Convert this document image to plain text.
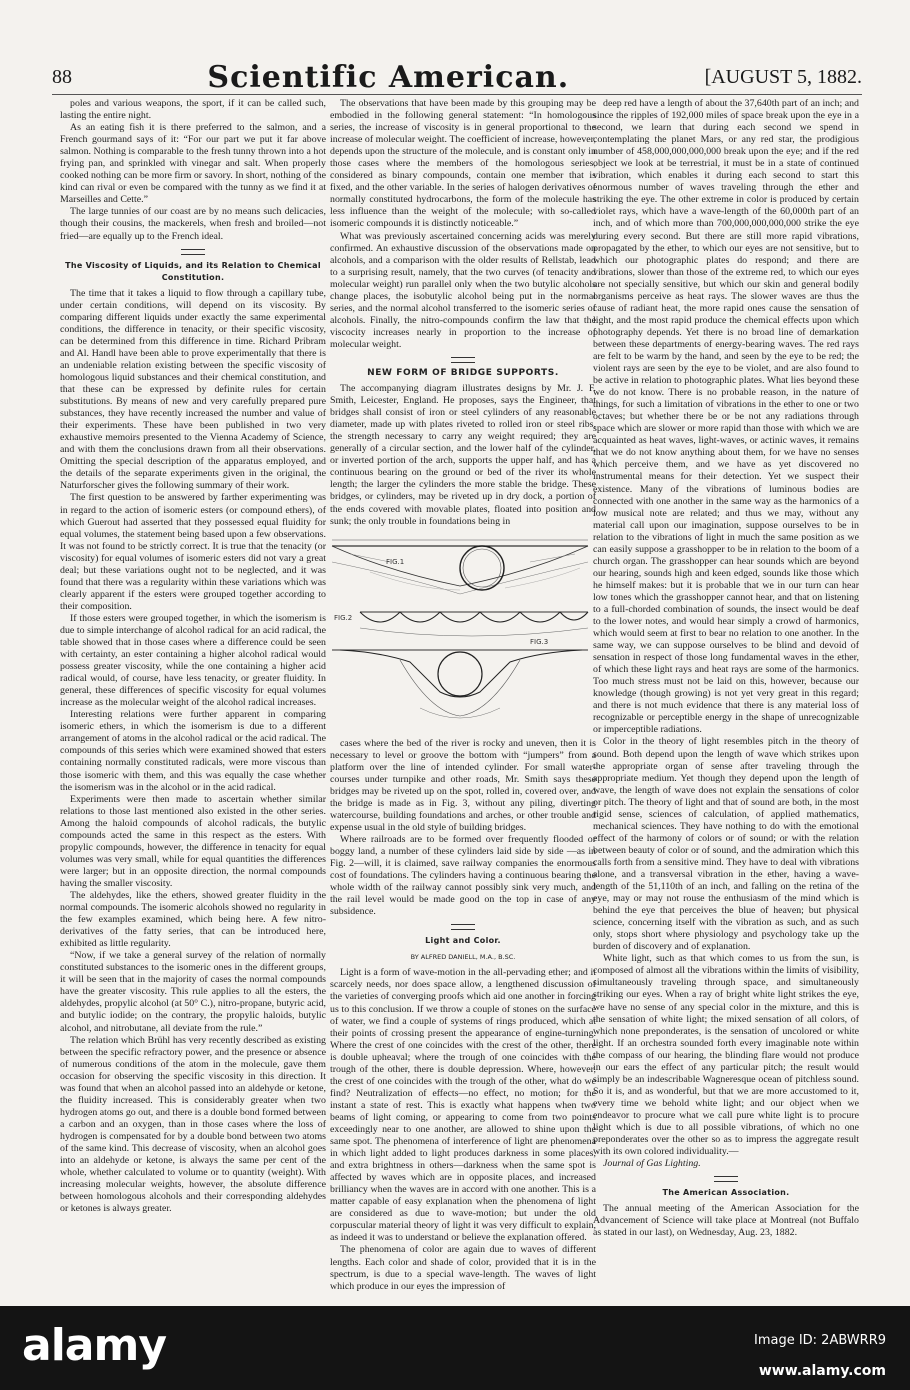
88	Scientific American.	[AUGUST 5, 1882.

poles and various weapons, the sport, if it can be called such, lasting the entire night.

As an eating fish it is there preferred to the salmon, and a French gourmand says of it: “For our part we put it far above salmon. Nothing is comparable to the fresh tunny thrown into a hot frying pan, and sprinkled with vinegar and salt. When properly cooked nothing can be more firm or savory. In short, nothing of the kind can rival or even be compared with the tunny as we find it at Marseilles and Cette.”

The large tunnies of our coast are by no means such delicacies, though their cousins, the mackerels, when fresh and broiled—not fried—are equally up to the French ideal.

The Viscosity of Liquids, and its Relation to Chemical Constitution.

The time that it takes a liquid to flow through a capillary tube, under certain conditions, will depend on its viscosity. By comparing different liquids under exactly the same experimental conditions, the difference in tenacity, or their specific viscosity, can be determined from this difference in time. Richard Pribram and Al. Handl have been able to prove experimentally that there is an undeniable relation existing between the specific viscosity of homologous liquid substances and their chemical constitution, and that these can be expressed by definite rules for certain substitutions. By means of new and very carefully prepared pure substances, they have recently increased the number and value of their experiments. These have been published in two very exhaustive memoirs presented to the Vienna Academy of Science, and with them the conclusions drawn from all their observations. Omitting the special description of the apparatus employed, and the details of the separate experiments given in the original, the Naturforscher gives the following summary of their work.

The first question to be answered by farther experimenting was in regard to the action of isomeric esters (or compound ethers), of which Guerout had asserted that they possessed equal fluidity for equal volumes, the statement being based upon a few observations. It was not found to be strictly correct. It is true that the tenacity (or viscosity) for equal volumes of isomeric esters did not vary a great deal; but these variations ought not to be neglected, and it was found that there was a regularity within these variations which was clearly apparent if the esters were grouped together according to their composition.

If those esters were grouped together, in which the isomerism is due to simple interchange of alcohol radical for an acid radical, the table showed that in those cases where a difference could be seen with certainty, an ester containing a higher alcohol radical would possess greater viscosity, while the one containing a higher acid radical would, of course, have less tenacity, or greater fluidity. In general, these differences of specific viscosity for equal volumes increase as the molecular weight of the alcohol radical increases.

Interesting relations were further apparent in comparing isomeric ethers, in which the isomerism is due to a different arrangement of atoms in the alcohol radical or the acid radical. The compounds of this series which were examined showed that esters containing normally constituted radicals, were more viscous than those isomeric with them, and this was equally the case whether the isomerism was in the alcohol or in the acid radical.

Experiments were then made to ascertain whether similar relations to those last mentioned also existed in the other series. Among the haloid compounds of alcohol radicals, the butylic compounds acted the same in this respect as the esters. With propylic compounds, however, the difference in tenacity for equal volumes was very small, while for equal quantities the differences were larger; but in an opposite direction, the normal compounds having the smaller viscosity.

The aldehydes, like the ethers, showed greater fluidity in the normal compounds. The isomeric alcohols showed no regularity in the few examples examined, which being here. A few nitro-derivatives of the fatty series, that can be introduced here, exhibited as little regularity.

“Now, if we take a general survey of the relation of normally constituted substances to the isomeric ones in the different groups, it will be seen that in the majority of cases the normal compounds have the greater viscosity. This rule applies to all the esters, the aldehydes, propylic alcohol (at 50° C.), nitro-propane, butyric acid, and butylic iodide; on the contrary, the propylic haloids, butylic alcohol, and nitrobutane, all deviate from the rule.”

The relation which Brühl has very recently described as existing between the specific refractory power, and the presence or absence of numerous conditions of the atom in the molecule, gave them occasion for observing the specific viscosity in this direction. It was found that when an alcohol passed into an aldehyde or ketone, the fluidity increased. This is considerably greater when two hydrogen atoms go out, and there is a double bond formed between a carbon and an oxygen, than in those cases where the loss of hydrogen is compensated for by a double bond between two atoms of the same kind. This decrease of viscosity, when an alcohol goes into an aldehyde or ketone, is always the same per cent of the whole, whether calculated to volume or to quantity (weight). With increasing molecular weights, however, the absolute difference between homologous alcohols and their corresponding aldehydes or ketones is always greater.

The observations that have been made by this grouping may be embodied in the following general statement: “In homologous series, the increase of viscosity is in general proportional to the increase of molecular weight. The coefficient of increase, however, depends upon the structure of the molecule, and is constant only in those cases where the members of the homologous series, considered as binary compounds, contain one member that is fixed, and the other variable. In the series of halogen derivatives of normally constituted hydrocarbons, the form of the molecule has less influence than the weight of the molecule; with so-called isomeric compounds it is distinctly noticeable.”

What was previously ascertained concerning acids was merely confirmed. An exhaustive discussion of the observations made on alcohols, and a comparison with the older results of Rellstab, lead to a surprising result, namely, that the two curves (of tenacity and molecular weight) run parallel only when the two butylic alcohols change places, the isobutylic alcohol being put in the normal series, and the normal alcohol transferred to the isomeric series of alcohols. Finally, the nitro-compounds confirm the law that the viscocity increases nearly in proportion to the increase of molecular weight.

NEW FORM OF BRIDGE SUPPORTS.

The accompanying diagram illustrates designs by Mr. J. F. Smith, Leicester, England. He proposes, says the Engineer, that bridges shall consist of iron or steel cylinders of any reasonable diameter, made up with plates riveted to rolled iron or steel ribs, the strength necessary to carry any weight required; they are generally of a circular section, and the lower half of the cylinder, or inverted portion of the arch, supports the upper half, and has a continuous bearing on the ground or bed of the river its whole length; the larger the cylinders the more stable the bridge. These bridges, or cylinders, may be riveted up in dry dock, a portion of the ends covered with movable plates, floated into position and sunk; the only trouble in foundations being in

FIG.1
FIG.2
FIG.3

cases where the bed of the river is rocky and uneven, then it is necessary to level or groove the bottom with “jumpers” from a platform over the line of intended cylinder. For small water-courses under turnpike and other roads, Mr. Smith says these bridges may be riveted up on the spot, rolled in, covered over, and the bridge is made as in Fig. 3, without any piling, diverting watercourse, building foundations and arches, or other trouble and expense usual in the old style of building bridges.

Where railroads are to be formed over frequently flooded or boggy land, a number of these cylinders laid side by side —as in Fig. 2—will, it is claimed, save railway companies the enormous cost of foundations. The cylinders having a continuous bearing the whole width of the railway cannot possibly sink very much, and the rail level would be made good on the top in case of any subsidence.

Light and Color.
BY ALFRED DANIELL, M.A., B.SC.

Light is a form of wave-motion in the all-pervading ether; and it scarcely needs, nor does space allow, a lengthened discussion of the varieties of converging proofs which aid one another in forcing us to this conclusion. If we throw a couple of stones on the surface of water, we find a couple of systems of rings produced, which at their points of crossing present the appearance of engine-turning. Where the crest of one coincides with the crest of the other, there is double upheaval; where the trough of one coincides with the trough of the other, there is double depression. Where, however, the crest of one coincides with the trough of the other, what do we find? Neutralization of effects—no effect, no motion; for the instant a state of rest. This is exactly what happens when two beams of light coming, or appearing to come from two points exceedingly near to one another, are allowed to shine upon the same spot. The phenomena of interference of light are phenomena in which light added to light produces darkness in some places, and extra brightness in others—darkness when the same spot is affected by waves which are in opposite places, and increased brilliancy when the waves are in accord with one another. This is a matter capable of easy explanation when the phenomena of light are considered as due to wave-motion; but under the old corpuscular material theory of light it was very difficult to explain, as indeed it was to understand or believe the explanation offered.

The phenomena of color are again due to waves of different lengths. Each color and shade of color, provided that it is in the spectrum, is due to a special wave-length. The waves of light which produce in our eyes the impression of

deep red have a length of about the 37,640th part of an inch; and since the ripples of 192,000 miles of space break upon the eye in a second, we learn that during each second we spend in contemplating the planet Mars, or any red star, the prodigious number of 458,000,000,000,000 break upon the eye; and if the red object we look at be terrestrial, it must be in a state of continued vibration, which enables it during each second to start this enormous number of waves traveling through the ether and striking the eye. The other extreme in color is produced by certain violet rays, which have a wave-length of the 60,000th part of an inch, and of which more than 700,000,000,000,000 strike the eye during every second. But there are still more rapid vibrations, propagated by the ether, to which our eyes are not sensitive, but to which our photographic plates do respond; and there are vibrations, slower than those of the extreme red, to which our eyes are not specially sensitive, but which our skin and general bodily organisms perceive as heat rays. The slower waves are thus the cause of radiant heat, the more rapid ones cause the sensation of light, and the most rapid produce the chemical effects upon which photography depends. Yet there is no broad line of demarkation between these departments of energy-bearing waves. The red rays are felt to be warm by the hand, and seen by the eye to be red; the violent rays are seen by the eye to be violet, and are also found to be active in relation to photographic plates. What lies beyond these we do not know. There is no probable reason, in the nature of things, for such a limitation of vibrations in the ether to one or two octaves; but whether there be or be not any radiations through space which are slower or more rapid than those with which we are acquainted as heat waves, light-waves, or actinic waves, it remains that we do not know anything about them, for we have no senses which perceive them, and we have as yet discovered no instrumental means for their detection. Yet we suspect their existence. Many of the vibrations of luminous bodies are connected with one another in the same way as the harmonics of a low musical note are related; and thus we may, without any material call upon our imagination, suppose ourselves to be in relation to the vibrations of light in much the same position as we can easily suppose a grasshopper to be in relation to the boom of a church organ. The grasshopper can hear sounds which are beyond our hearing, sounds high and keen edged, sounds like those which he himself makes: but it is probable that we in our turn can hear low tones which the grasshopper cannot hear, and that on listening to a full-chorded combination of sounds, the insect would be deaf to the lower notes, and would hear simply a crowd of harmonics, which would seem at first to bear no relation to one another. In the same way, we can suppose ourselves to be blind and devoid of sensation in respect of those long fundamental waves in the ether, of which these light rays and heat rays are some of the harmonics. Too much stress must not be laid on this, however, because our knowledge (though growing) is not yet very great in this regard; and there is not much evidence that there is any material loss of recognizable or perceptible energy in the shape of unrecognizable or imperceptible radiations.

Color in the theory of light resembles pitch in the theory of sound. Both depend upon the length of wave which strikes upon the appropriate organ of sense after traveling through the appropriate medium. Yet though they depend upon the length of wave, the length of wave does not explain the sensations of color or pitch. The theory of light and that of sound are both, in the most rigid sense, sciences of calculation, of applied mathematics, mechanical sciences. They have nothing to do with the emotional effect of the harmony of colors or of sound; or with the relation between beauty of color or of sound, and the admiration which this calls forth from a sensitive mind. They have to deal with vibrations alone, and a transversal vibration in the ether, having a wave-length of the 51,110th of an inch, and falling on the retina of the eye, may or may not rouse the enthusiasm of the mind which is behind the eye that perceives the blue of heaven; but physical science, concerning itself with the vibration as such, and as such only, stops short where physiology and psychology take up the burden of discovery and of explanation.

White light, such as that which comes to us from the sun, is composed of almost all the vibrations within the limits of visibility, simultaneously traveling through space, and simultaneously striking our eyes. When a ray of bright white light strikes the eye, we have no sense of any special color in the mixture, and this is the sensation of white light; the mixed sensation of all colors, of which none preponderates, is the sensation of uncolored or white light. If an orchestra sounded forth every imaginable note within the compass of our hearing, the blinding flare would not produce in our ears the effect of any particular pitch; the result would simply be an indescribable Wagneresque ocean of pitchless sound. So it is, and as wonderful, but that we are more accustomed to it, every time we behold white light; and our object when we endeavor to procure what we call pure white light is to procure light which is due to all possible vibrations, of which no one preponderates over the other so as to impress the aggregate result with its own colored individuality.—

Journal of Gas Lighting.

The American Association.

The annual meeting of the American Association for the Advancement of Science will take place at Montreal (not Buffalo as stated in our last), on Wednesday, Aug. 23, 1882.

alamy	Image ID: 2ABWRR9
www.alamy.com
